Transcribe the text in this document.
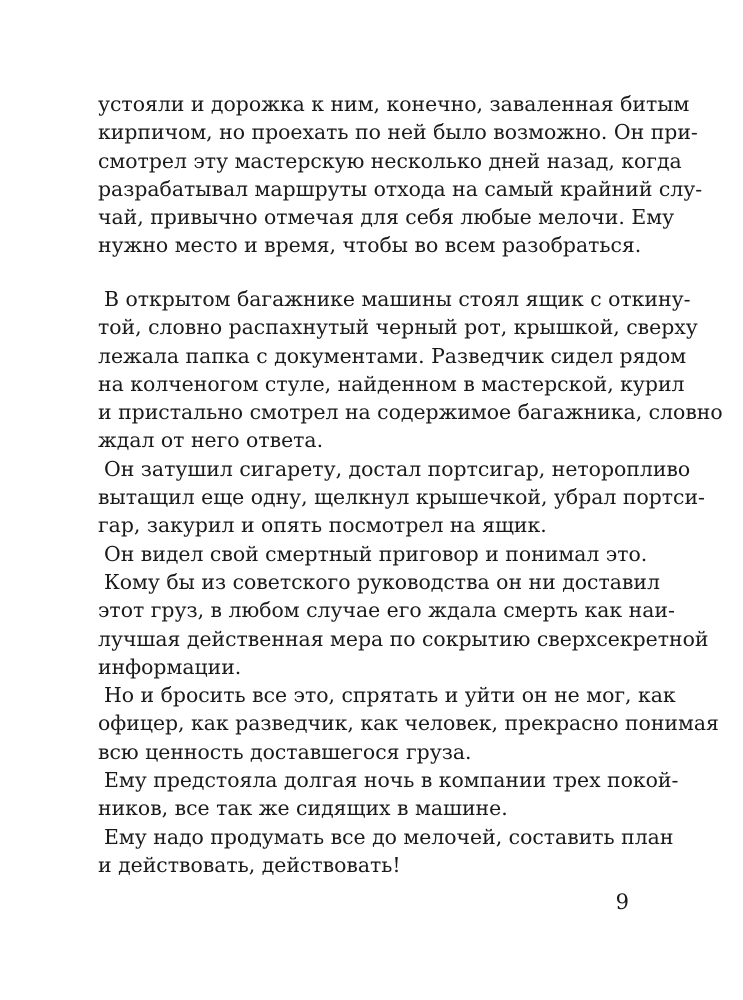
устояли и дорожка к ним, конечно, заваленная битым
кирпичом, но проехать по ней было возможно. Он при-
смотрел эту мастерскую несколько дней назад, когда
разрабатывал маршруты отхода на самый крайний слу-
чай, привычно отмечая для себя любые мелочи. Ему
нужно место и время, чтобы во всем разобраться.
В открытом багажнике машины стоял ящик с откину-
той, словно распахнутый черный рот, крышкой, сверху
лежала папка с документами. Разведчик сидел рядом
на колченогом стуле, найденном в мастерской, курил
и пристально смотрел на содержимое багажника, словно
ждал от него ответа.
Он затушил сигарету, достал портсигар, неторопливо
вытащил еще одну, щелкнул крышечкой, убрал портси-
гар, закурил и опять посмотрел на ящик.
Он видел свой смертный приговор и понимал это.
Кому бы из советского руководства он ни доставил
этот груз, в любом случае его ждала смерть как наи-
лучшая действенная мера по сокрытию сверхсекретной
информации.
Но и бросить все это, спрятать и уйти он не мог, как
офицер, как разведчик, как человек, прекрасно понимая
всю ценность доставшегося груза.
Ему предстояла долгая ночь в компании трех покой-
ников, все так же сидящих в машине.
Ему надо продумать все до мелочей, составить план
и действовать, действовать!
9
